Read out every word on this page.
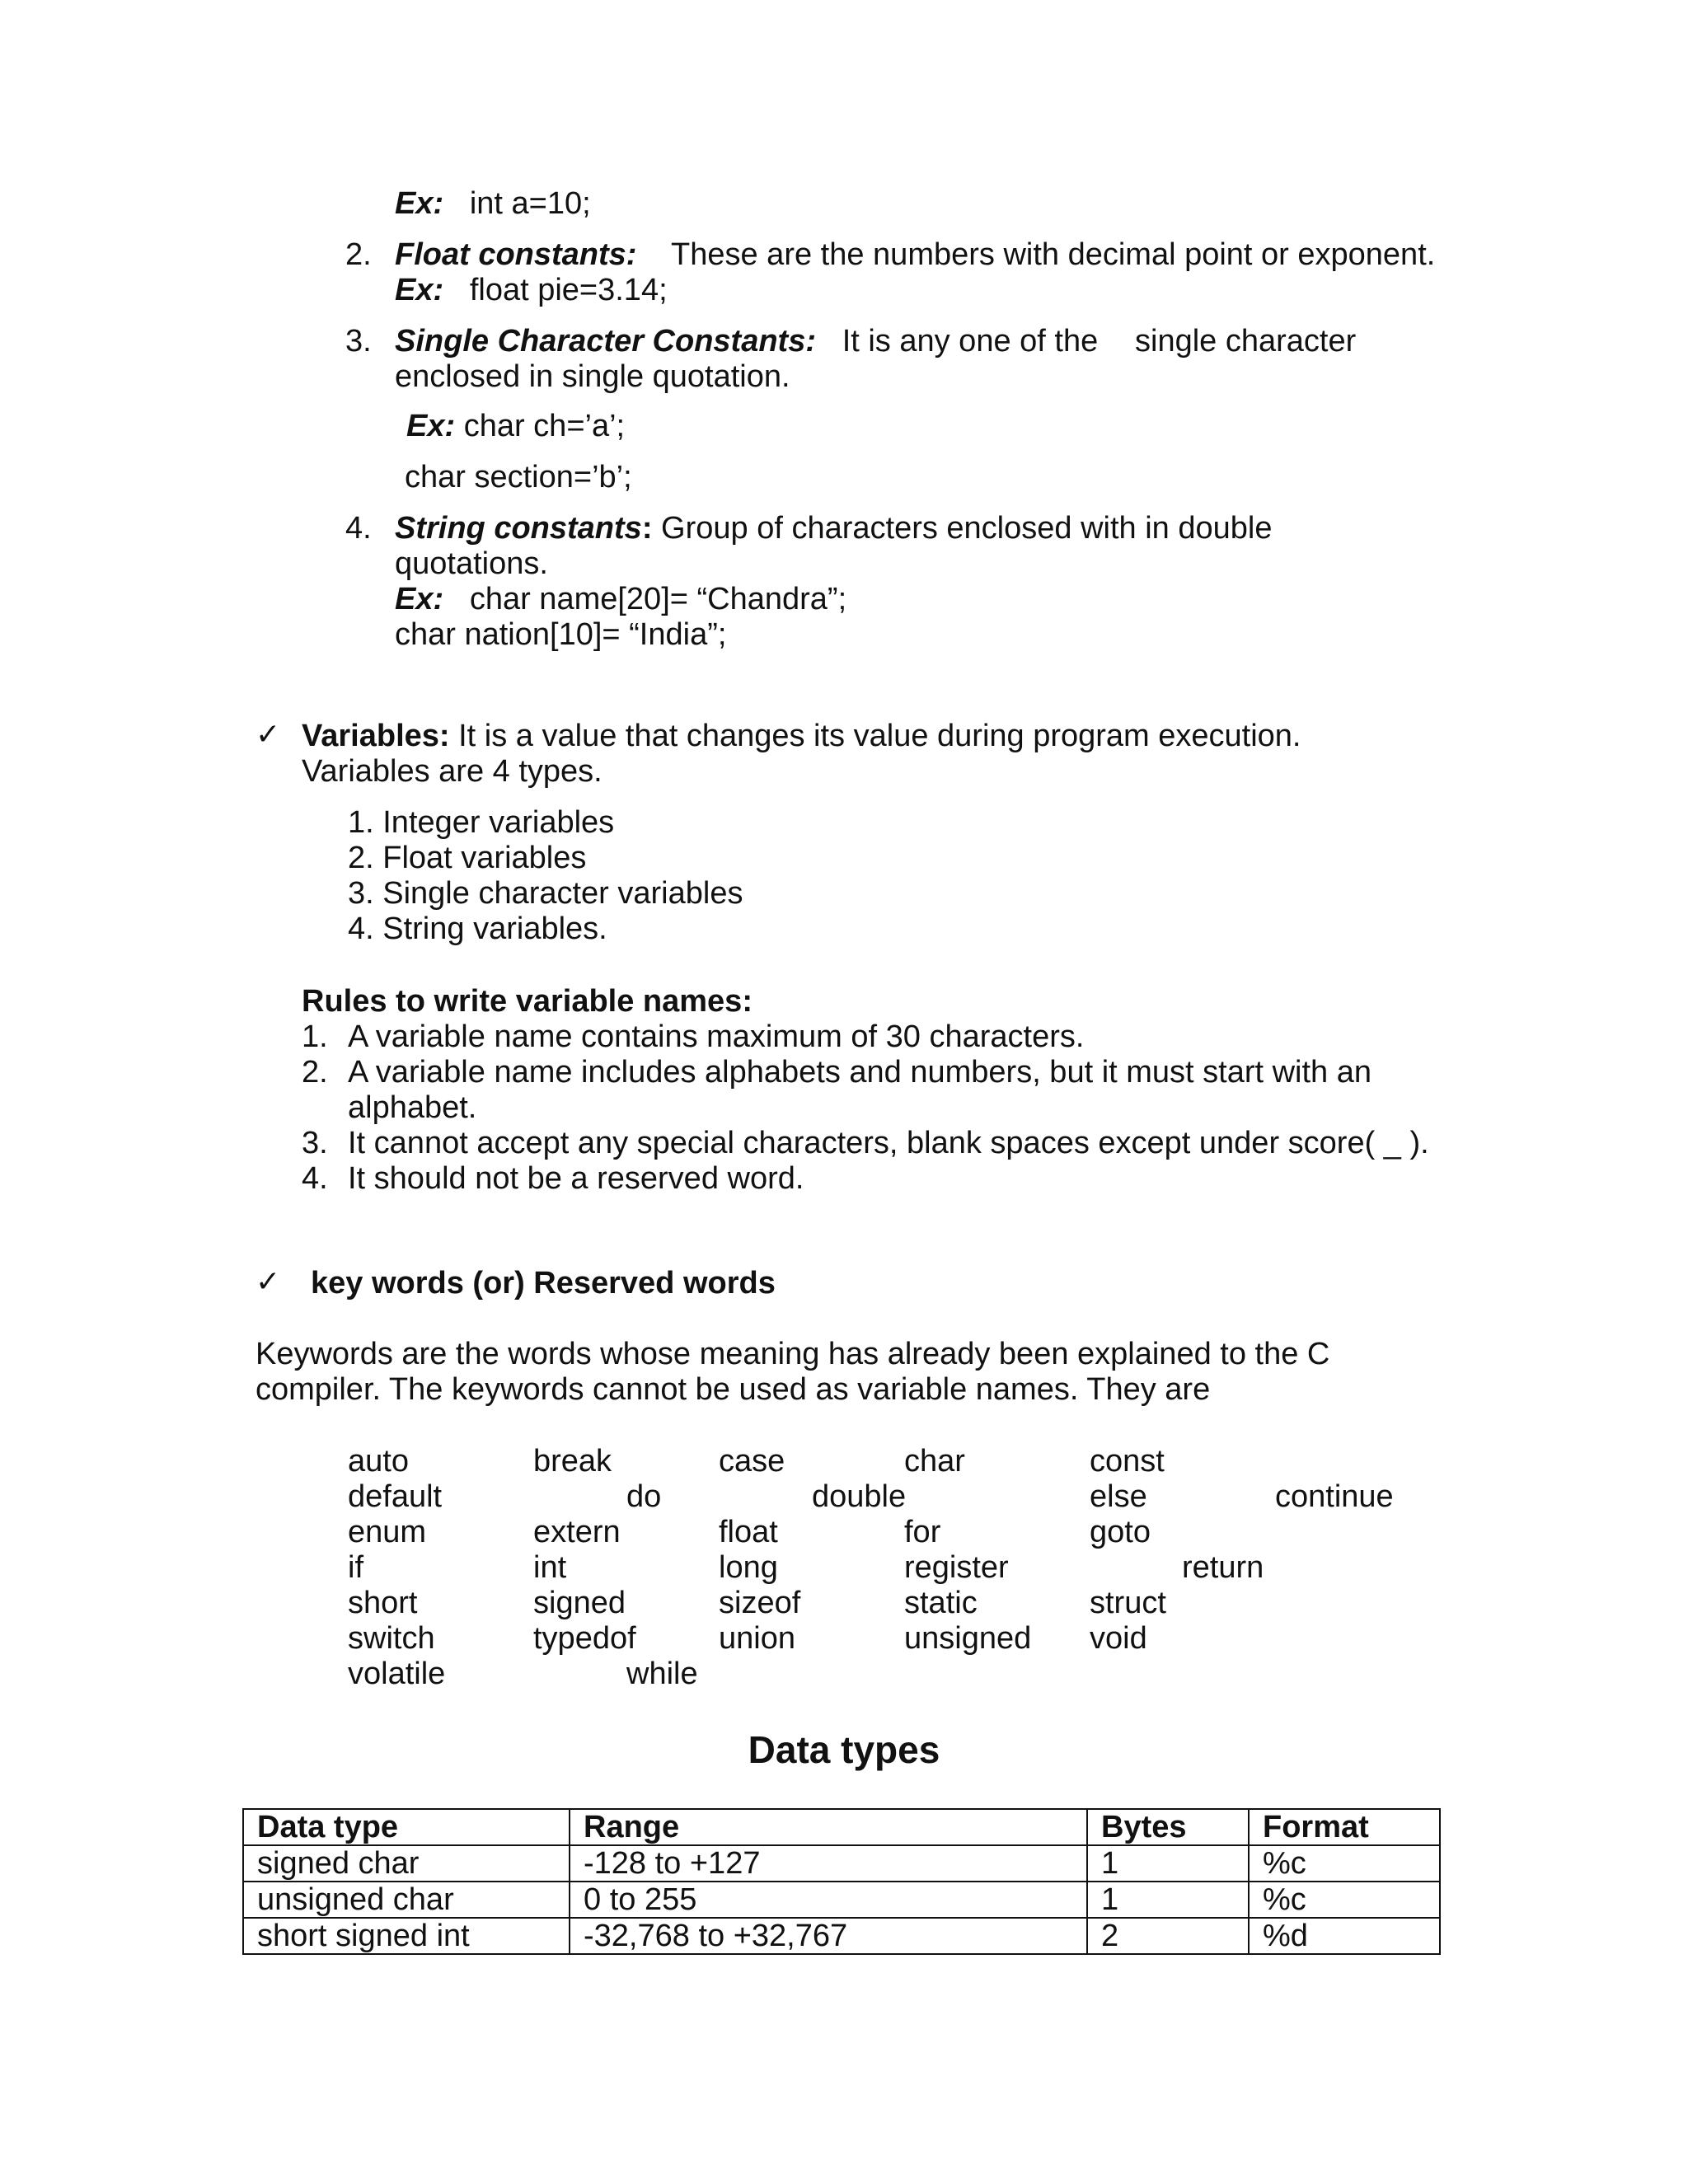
Ex: int a=10;
2. Float constants: These are the numbers with decimal point or exponent.
Ex: float pie=3.14;
3. Single Character Constants: It is any one of the single character
enclosed in single quotation.
Ex: char ch=’a’;
char section=’b’;
4. String constants: Group of characters enclosed with in double
quotations.
Ex: char name[20]= “Chandra”;
char nation[10]= “India”;
✓ Variables: It is a value that changes its value during program execution.
Variables are 4 types.
1. Integer variables
2. Float variables
3. Single character variables
4. String variables.
Rules to write variable names:
1. A variable name contains maximum of 30 characters.
2. A variable name includes alphabets and numbers, but it must start with an
alphabet.
3. It cannot accept any special characters, blank spaces except under score( _ ).
4. It should not be a reserved word.
✓ key words (or) Reserved words
Keywords are the words whose meaning has already been explained to the C
compiler. The keywords cannot be used as variable names. They are
auto	break	case	char	const
default	do	double	else	continue
enum	extern	float	for	goto
if	int	long	register	return
short	signed	sizeof	static	struct
switch	typedof	union	unsigned void
volatile	while
Data types
Data type	Range	Bytes	Format
signed char	-128 to +127	1	%c
unsigned char	0 to 255	1	%c
short signed int	-32,768 to +32,767	2	%d
